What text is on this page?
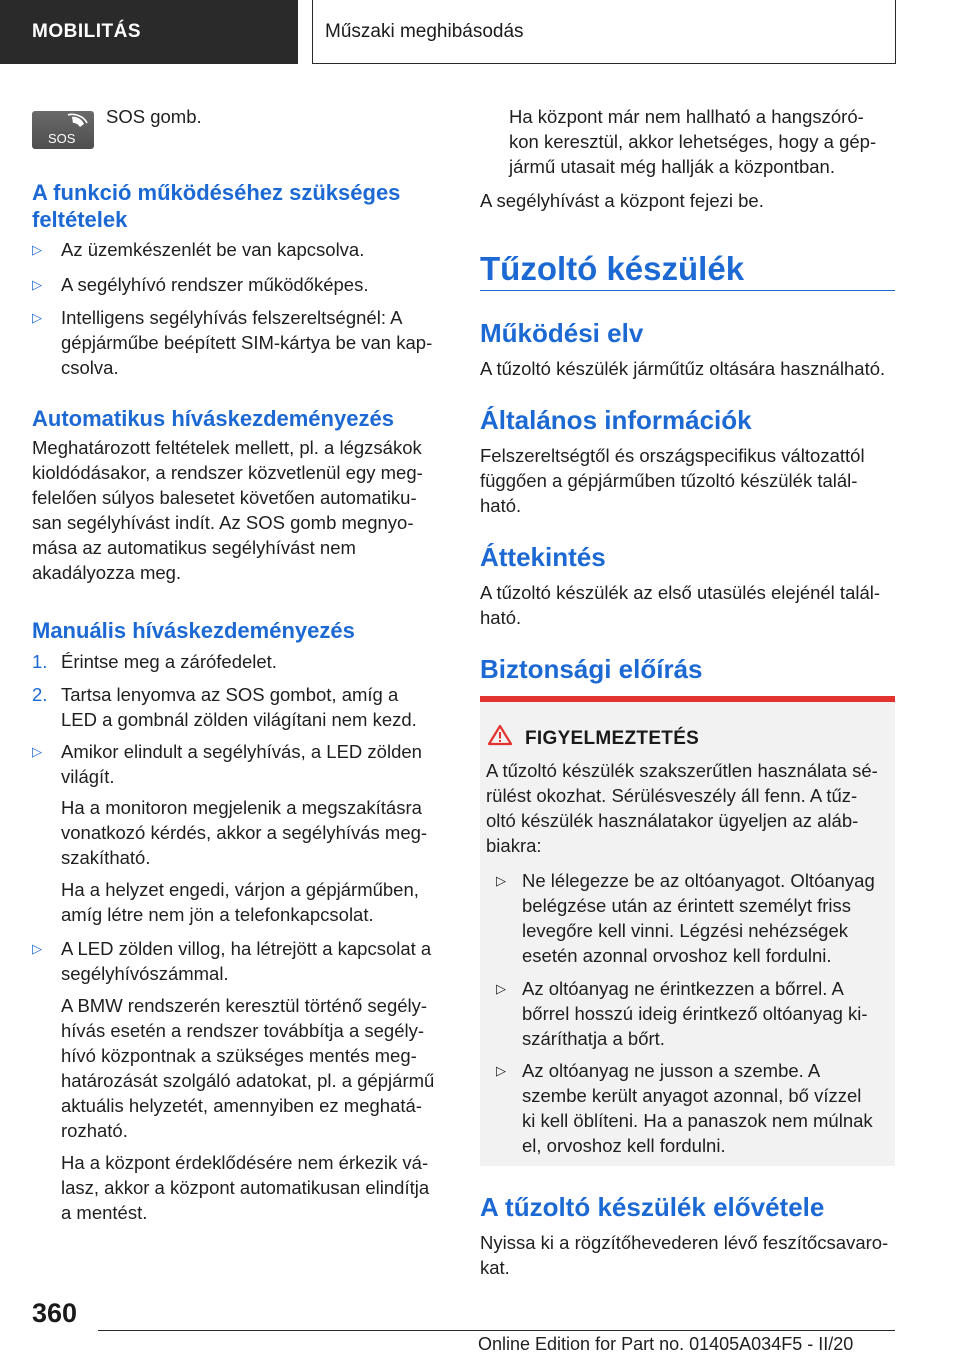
MOBILITÁS	Műszaki meghibásodás
SOS

SOS gomb.

A funkció működéséhez szükséges

feltételek

▷ Az üzemkészenlét be van kapcsolva.

▷ A segélyhívó rendszer működőképes.

▷ Intelligens segélyhívás felszereltségnél: A

gépjárműbe beépített SIM-kártya be van kap-

csolva.

Automatikus híváskezdeményezés

Meghatározott feltételek mellett, pl. a légzsákok

kioldódásakor, a rendszer közvetlenül egy meg-

felelően súlyos balesetet követően automatiku-

san segélyhívást indít. Az SOS gomb megnyo-

mása az automatikus segélyhívást nem

akadályozza meg.

Manuális híváskezdeményezés

1. Érintse meg a zárófedelet.

2. Tartsa lenyomva az SOS gombot, amíg a

LED a gombnál zölden világítani nem kezd.

▷ Amikor elindult a segélyhívás, a LED zölden

világít.

Ha a monitoron megjelenik a megszakításra

vonatkozó kérdés, akkor a segélyhívás meg-

szakítható.

Ha a helyzet engedi, várjon a gépjárműben,

amíg létre nem jön a telefonkapcsolat.

▷ A LED zölden villog, ha létrejött a kapcsolat a

segélyhívószámmal.

A BMW rendszerén keresztül történő segély-

hívás esetén a rendszer továbbítja a segély-

hívó központnak a szükséges mentés meg-

határozását szolgáló adatokat, pl. a gépjármű

aktuális helyzetét, amennyiben ez meghatá-

rozható.

Ha a központ érdeklődésére nem érkezik vá-

lasz, akkor a központ automatikusan elindítja

a mentést.

Ha központ már nem hallható a hangszóró-

kon keresztül, akkor lehetséges, hogy a gép-

jármű utasait még hallják a központban.

A segélyhívást a központ fejezi be.

Tűzoltó készülék

Működési elv

A tűzoltó készülék járműtűz oltására használható.

Általános információk

Felszereltségtől és országspecifikus változattól

függően a gépjárműben tűzoltó készülék talál-

ható.

Áttekintés

A tűzoltó készülék az első utasülés elejénél talál-

ható.

Biztonsági előírás

FIGYELMEZTETÉS

A tűzoltó készülék szakszerűtlen használata sé-

rülést okozhat. Sérülésveszély áll fenn. A tűz-

oltó készülék használatakor ügyeljen az aláb-

biakra:

▷ Ne lélegezze be az oltóanyagot. Oltóanyag

belégzése után az érintett személyt friss

levegőre kell vinni. Légzési nehézségek

esetén azonnal orvoshoz kell fordulni.

▷ Az oltóanyag ne érintkezzen a bőrrel. A

bőrrel hosszú ideig érintkező oltóanyag ki-

száríthatja a bőrt.

▷ Az oltóanyag ne jusson a szembe. A

szembe került anyagot azonnal, bő vízzel

ki kell öblíteni. Ha a panaszok nem múlnak

el, orvoshoz kell fordulni.

A tűzoltó készülék elővétele

Nyissa ki a rögzítőhevederen lévő feszítőcsavaro-

kat.

360
Online Edition for Part no. 01405A034F5 - II/20
